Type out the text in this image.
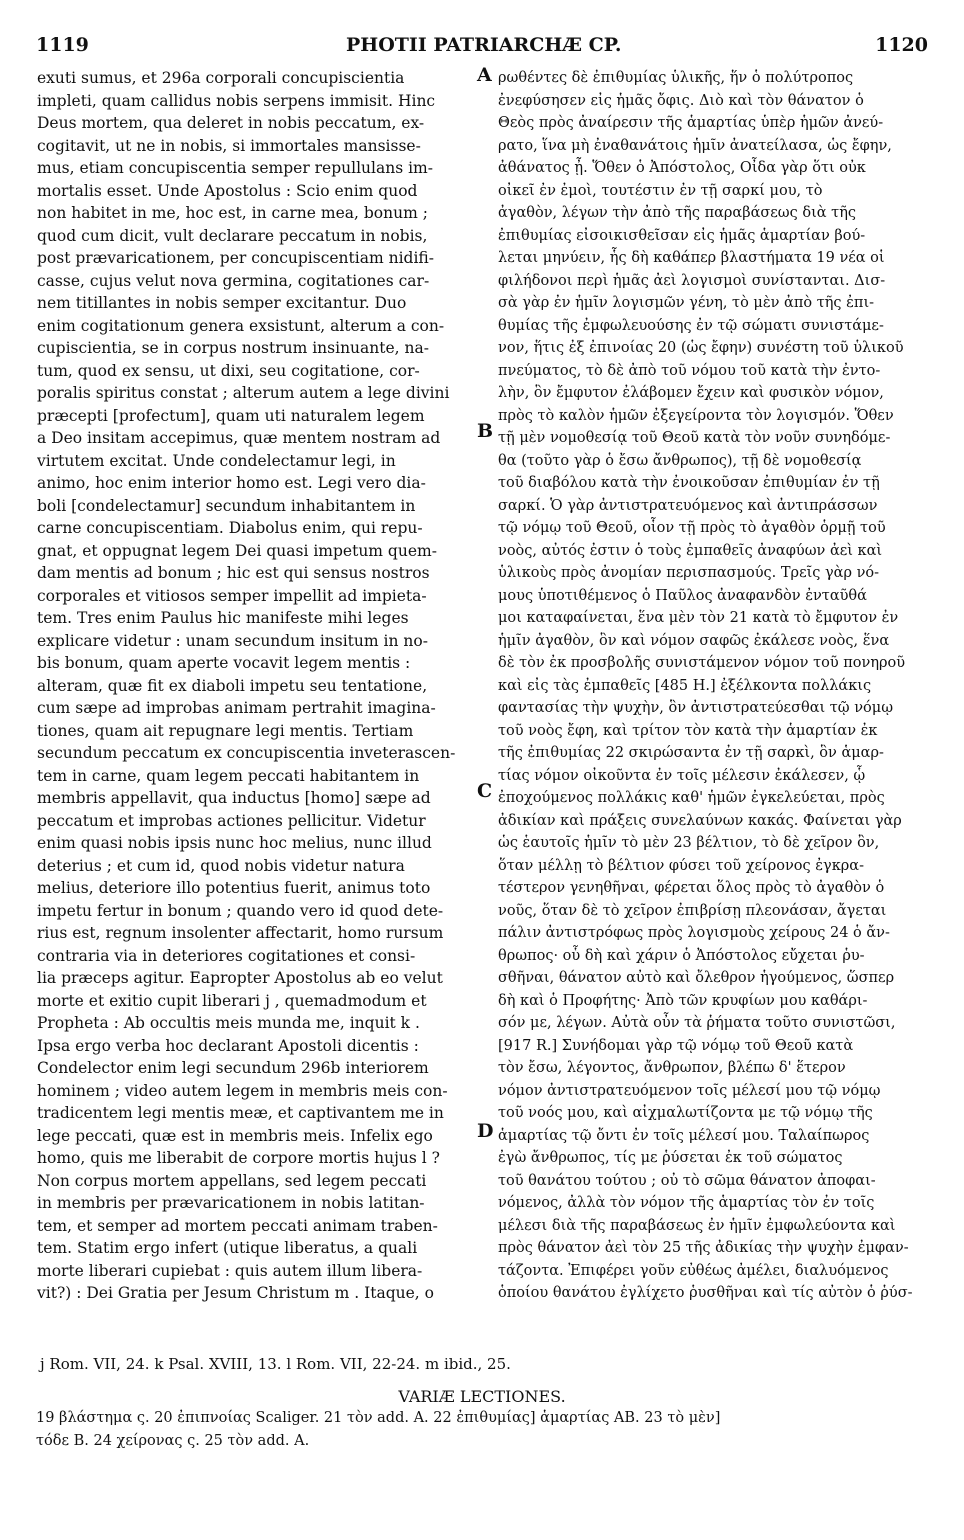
1119	PHOTII PATRIARCHÆ CP.	1120
exuti sumus, et 296a corporali concupiscientia
impleti, quam callidus nobis serpens immisit. Hinc
Deus mortem, qua deleret in nobis peccatum, ex-
cogitavit, ut ne in nobis, si immortales mansisse-
mus, etiam concupiscentia semper repullulans im-
mortalis esset. Unde Apostolus : Scio enim quod
non habitet in me, hoc est, in carne mea, bonum ;
quod cum dicit, vult declarare peccatum in nobis,
post prævaricationem, per concupiscentiam nidifi-
casse, cujus velut nova germina, cogitationes car-
nem titillantes in nobis semper excitantur. Duo
enim cogitationum genera exsistunt, alterum a con-
cupiscientia, se in corpus nostrum insinuante, na-
tum, quod ex sensu, ut dixi, seu cogitatione, cor-
poralis spiritus constat ; alterum autem a lege divini
præcepti [profectum], quam uti naturalem legem
a Deo insitam accepimus, quæ mentem nostram ad
virtutem excitat. Unde condelectamur legi, in
animo, hoc enim interior homo est. Legi vero dia-
boli [condelectamur] secundum inhabitantem in
carne concupiscentiam. Diabolus enim, qui repu-
gnat, et oppugnat legem Dei quasi impetum quem-
dam mentis ad bonum ; hic est qui sensus nostros
corporales et vitiosos semper impellit ad impieta-
tem. Tres enim Paulus hic manifeste mihi leges
explicare videtur : unam secundum insitum in no-
bis bonum, quam aperte vocavit legem mentis :
alteram, quæ fit ex diaboli impetu seu tentatione,
cum sæpe ad improbas animam pertrahit imagina-
tiones, quam ait repugnare legi mentis. Tertiam
secundum peccatum ex concupiscentia inveterascen-
tem in carne, quam legem peccati habitantem in
membris appellavit, qua inductus [homo] sæpe ad
peccatum et improbas actiones pellicitur. Videtur
enim quasi nobis ipsis nunc hoc melius, nunc illud
deterius ; et cum id, quod nobis videtur natura
melius, deteriore illo potentius fuerit, animus toto
impetu fertur in bonum ; quando vero id quod dete-
rius est, regnum insolenter affectarit, homo rursum
contraria via in deteriores cogitationes et consi-
lia præceps agitur. Eapropter Apostolus ab eo velut
morte et exitio cupit liberari j , quemadmodum et
Propheta : Ab occultis meis munda me, inquit k .
Ipsa ergo verba hoc declarant Apostoli dicentis :
Condelector enim legi secundum 296b interiorem
hominem ; video autem legem in membris meis con-
tradicentem legi mentis meæ, et captivantem me in
lege peccati, quæ est in membris meis. Infelix ego
homo, quis me liberabit de corpore mortis hujus l ?
Non corpus mortem appellans, sed legem peccati
in membris per prævaricationem in nobis latitan-
tem, et semper ad mortem peccati animam traben-
tem. Statim ergo infert (utique liberatus, a quali
morte liberari cupiebat : quis autem illum libera-
vit?) : Dei Gratia per Jesum Christum m . Itaque, o
ρωθέντες δὲ ἐπιθυμίας ὑλικῆς, ἥν ὁ πολύτροπος
ἐνεφύσησεν εἰς ἡμᾶς ὄφις. Διὸ καὶ τὸν θάνατον ὁ
Θεὸς πρὸς ἀναίρεσιν τῆς ἁμαρτίας ὑπὲρ ἡμῶν ἀνεύ-
ρατο, ἵνα μὴ ἐναθανάτοις ἡμῖν ἀνατείλασα, ὡς ἔφην,
ἀθάνατος ᾖ. Ὅθεν ὁ Ἀπόστολος, Οἶδα γὰρ ὅτι οὐκ
οἰκεῖ ἐν ἐμοὶ, τουτέστιν ἐν τῇ σαρκί μου, τὸ
ἀγαθὸν, λέγων τὴν ἀπὸ τῆς παραβάσεως διὰ τῆς
ἐπιθυμίας εἰσοικισθεῖσαν εἰς ἡμᾶς ἁμαρτίαν βού-
λεται μηνύειν, ἧς δὴ καθάπερ βλαστήματα 19 νέα οἱ
φιλήδονοι περὶ ἡμᾶς ἀεὶ λογισμοὶ συνίστανται. Δισ-
σὰ γὰρ ἐν ἡμῖν λογισμῶν γένη, τὸ μὲν ἀπὸ τῆς ἐπι-
θυμίας τῆς ἐμφωλευούσης ἐν τῷ σώματι συνιστάμε-
νον, ἥτις ἐξ ἐπινοίας 20 (ὡς ἔφην) συνέστη τοῦ ὑλικοῦ
πνεύματος, τὸ δὲ ἀπὸ τοῦ νόμου τοῦ κατὰ τὴν ἐντο-
λὴν, ὃν ἔμφυτον ἐλάβομεν ἔχειν καὶ φυσικὸν νόμον,
πρὸς τὸ καλὸν ἡμῶν ἐξεγείροντα τὸν λογισμόν. Ὅθεν
τῇ μὲν νομοθεσίᾳ τοῦ Θεοῦ κατὰ τὸν νοῦν συνηδόμε-
θα (τοῦτο γὰρ ὁ ἔσω ἄνθρωπος), τῇ δὲ νομοθεσίᾳ
τοῦ διαβόλου κατὰ τὴν ἐνοικοῦσαν ἐπιθυμίαν ἐν τῇ
σαρκί. Ὁ γὰρ ἀντιστρατευόμενος καὶ ἀντιπράσσων
τῷ νόμῳ τοῦ Θεοῦ, οἷον τῇ πρὸς τὸ ἀγαθὸν ὁρμῇ τοῦ
νοὸς, αὐτός ἐστιν ὁ τοὺς ἐμπαθεῖς ἀναφύων ἀεὶ καὶ
ὑλικοὺς πρὸς ἀνομίαν περισπασμούς. Τρεῖς γὰρ νό-
μους ὑποτιθέμενος ὁ Παῦλος ἀναφανδὸν ἐνταῦθά
μοι καταφαίνεται, ἕνα μὲν τὸν 21 κατὰ τὸ ἔμφυτον ἐν
ἡμῖν ἀγαθὸν, ὃν καὶ νόμον σαφῶς ἐκάλεσε νοὸς, ἕνα
δὲ τὸν ἐκ προσβολῆς συνιστάμενον νόμον τοῦ πονηροῦ
καὶ εἰς τὰς ἐμπαθεῖς [485 H.] ἐξέλκοντα πολλάκις
φαντασίας τὴν ψυχὴν, ὃν ἀντιστρατεύεσθαι τῷ νόμῳ
τοῦ νοὸς ἔφη, καὶ τρίτον τὸν κατὰ τὴν ἁμαρτίαν ἐκ
τῆς ἐπιθυμίας 22 σκιρώσαντα ἐν τῇ σαρκὶ, ὃν ἁμαρ-
τίας νόμον οἰκοῦντα ἐν τοῖς μέλεσιν ἐκάλεσεν, ᾧ
ἐποχούμενος πολλάκις καθ' ἡμῶν ἐγκελεύεται, πρὸς
ἀδικίαν καὶ πράξεις συνελαύνων κακάς. Φαίνεται γὰρ
ὡς ἑαυτοῖς ἡμῖν τὸ μὲν 23 βέλτιον, τὸ δὲ χεῖρον ὂν,
ὅταν μέλλῃ τὸ βέλτιον φύσει τοῦ χείρονος ἐγκρα-
τέστερον γενηθῆναι, φέρεται ὅλος πρὸς τὸ ἀγαθὸν ὁ
νοῦς, ὅταν δὲ τὸ χεῖρον ἐπιβρίσῃ πλεονάσαν, ἄγεται
πάλιν ἀντιστρόφως πρὸς λογισμοὺς χείρους 24 ὁ ἄν-
θρωπος· οὗ δὴ καὶ χάριν ὁ Ἀπόστολος εὔχεται ῥυ-
σθῆναι, θάνατον αὐτὸ καὶ ὄλεθρον ἡγούμενος, ὥσπερ
δὴ καὶ ὁ Προφήτης· Ἀπὸ τῶν κρυφίων μου καθάρι-
σόν με, λέγων. Αὐτὰ οὖν τὰ ῥήματα τοῦτο συνιστῶσι,
[917 R.] Συνήδομαι γὰρ τῷ νόμῳ τοῦ Θεοῦ κατὰ
τὸν ἔσω, λέγοντος, ἄνθρωπον, βλέπω δ' ἕτερον
νόμον ἀντιστρατευόμενον τοῖς μέλεσί μου τῷ νόμῳ
τοῦ νοός μου, καὶ αἰχμαλωτίζοντα με τῷ νόμῳ τῆς
ἁμαρτίας τῷ ὄντι ἐν τοῖς μέλεσί μου. Ταλαίπωρος
ἐγὼ ἄνθρωπος, τίς με ῥύσεται ἐκ τοῦ σώματος
τοῦ θανάτου τούτου ; οὐ τὸ σῶμα θάνατον ἀποφαι-
νόμενος, ἀλλὰ τὸν νόμον τῆς ἁμαρτίας τὸν ἐν τοῖς
μέλεσι διὰ τῆς παραβάσεως ἐν ἡμῖν ἐμφωλεύοντα καὶ
πρὸς θάνατον ἀεὶ τὸν 25 τῆς ἀδικίας τὴν ψυχὴν ἐμφαν-
τάζοντα. Ἐπιφέρει γοῦν εὐθέως ἀμέλει, διαλυόμενος
ὁποίου θανάτου ἐγλίχετο ῥυσθῆναι καὶ τίς αὐτὸν ὁ ῥύσ-
A
B
C
D
j Rom. VII, 24. k Psal. XVIII, 13. l Rom. VII, 22-24. m ibid., 25.
VARIÆ LECTIONES.
19 βλάστημα ς. 20 ἐπιπνοίας Scaliger. 21 τὸν add. A. 22 ἐπιθυμίας] ἁμαρτίας AB. 23 τὸ μὲν]
τόδε B. 24 χείρονας ς. 25 τὸν add. A.
